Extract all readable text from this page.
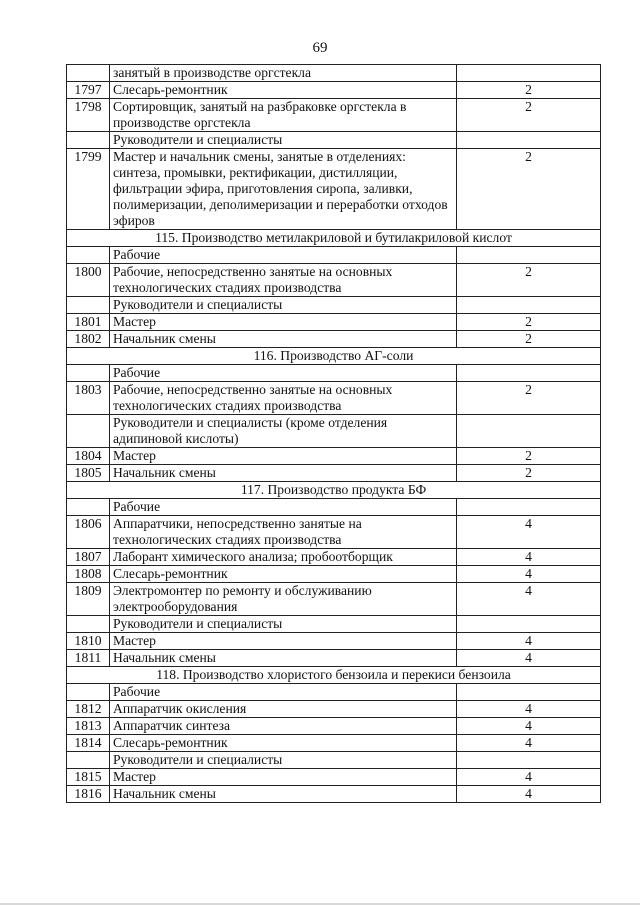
69
	занятый в производстве оргстекла	
1797	Слесарь-ремонтник	2
1798	Сортировщик, занятый на разбраковке оргстекла в производстве оргстекла	2
	Руководители и специалисты	
1799	Мастер и начальник смены, занятые в отделениях: синтеза, промывки, ректификации, дистилляции, фильтрации эфира, приготовления сиропа, заливки, полимеризации, деполимеризации и переработки отходов эфиров	2
115. Производство метилакриловой и бутилакриловой кислот		
	Рабочие	
1800	Рабочие, непосредственно занятые на основных технологических стадиях производства	2
	Руководители и специалисты	
1801	Мастер	2
1802	Начальник смены	2
116. Производство АГ-соли		
	Рабочие	
1803	Рабочие, непосредственно занятые на основных технологических стадиях производства	2
	Руководители и специалисты (кроме отделения адипиновой кислоты)	
1804	Мастер	2
1805	Начальник смены	2
117. Производство продукта БФ		
	Рабочие	
1806	Аппаратчики, непосредственно занятые на технологических стадиях производства	4
1807	Лаборант химического анализа; пробоотборщик	4
1808	Слесарь-ремонтник	4
1809	Электромонтер по ремонту и обслуживанию электрооборудования	4
	Руководители и специалисты	
1810	Мастер	4
1811	Начальник смены	4
118. Производство хлористого бензоила и перекиси бензоила		
	Рабочие	
1812	Аппаратчик окисления	4
1813	Аппаратчик синтеза	4
1814	Слесарь-ремонтник	4
	Руководители и специалисты	
1815	Мастер	4
1816	Начальник смены	4
